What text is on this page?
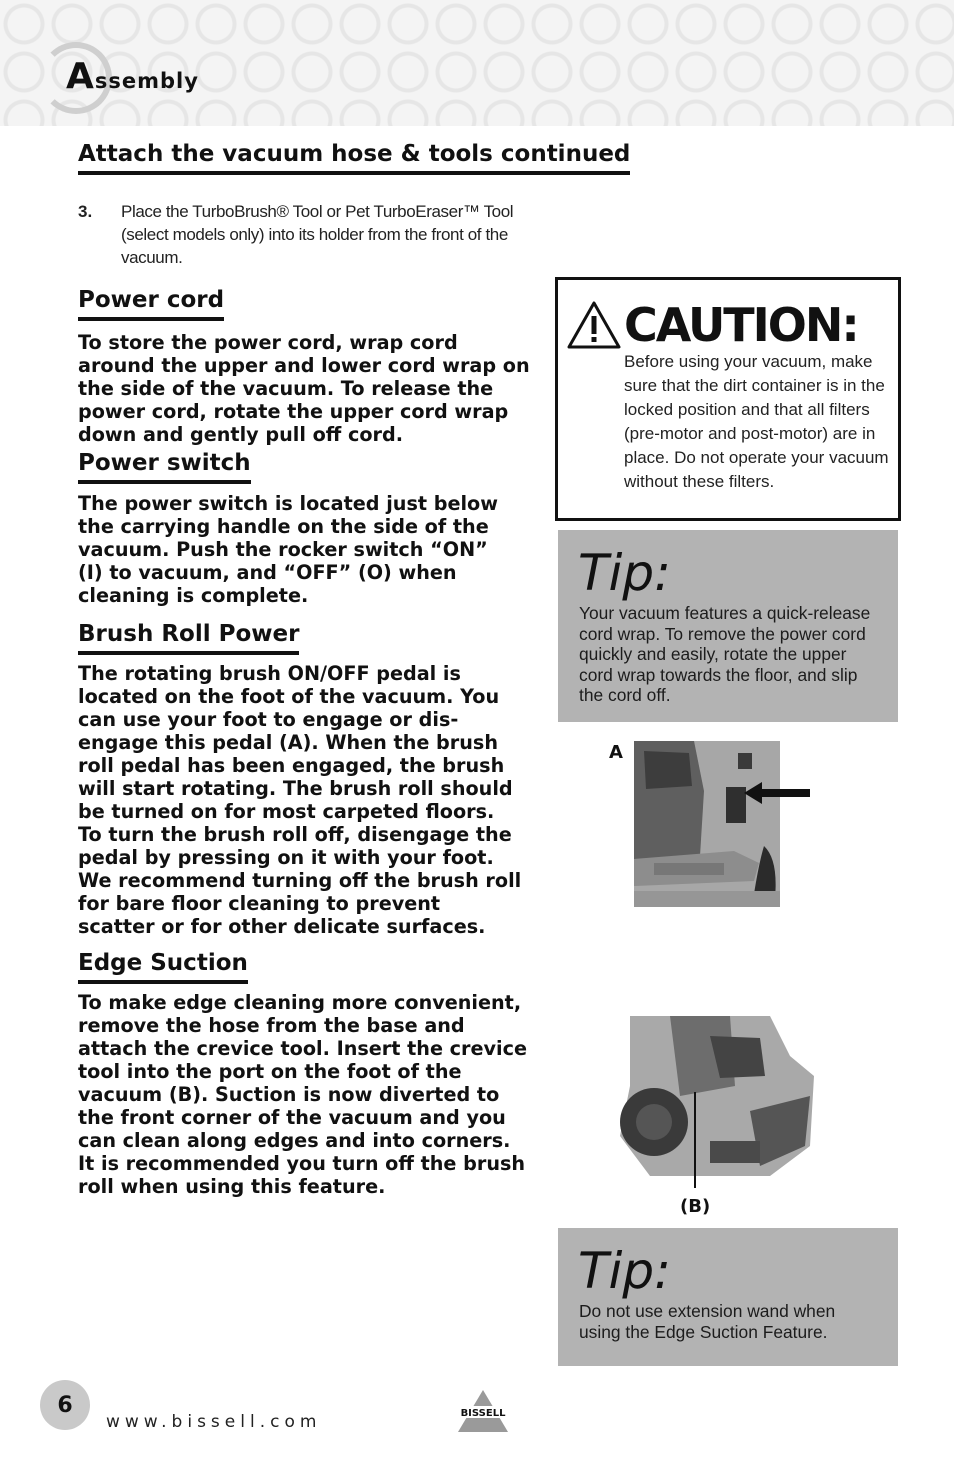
Assembly
Attach the vacuum hose & tools continued
3. Place the TurboBrush® Tool or Pet TurboEraser™ Tool (select models only) into its holder from the front of the vacuum.
Power cord

To store the power cord, wrap cord around the upper and lower cord wrap on the side of the vacuum. To release the power cord, rotate the upper cord wrap down and gently pull off cord.

Power switch

The power switch is located just below the carrying handle on the side of the vacuum. Push the rocker switch “ON” (I) to vacuum, and “OFF” (O) when cleaning is complete.

Brush Roll Power

The rotating brush ON/OFF pedal is located on the foot of the vacuum. You can use your foot to engage or disengage this pedal (A). When the brush roll pedal has been engaged, the brush will start rotating. The brush roll should be turned on for most carpeted floors. To turn the brush roll off, disengage the pedal by pressing on it with your foot. We recommend turning off the brush roll for bare floor cleaning to prevent scatter or for other delicate surfaces.

Edge Suction

To make edge cleaning more convenient, remove the hose from the base and attach the crevice tool. Insert the crevice tool into the port on the foot of the vacuum (B). Suction is now diverted to the front corner of the vacuum and you can clean along edges and into corners. It is recommended you turn off the brush roll when using this feature.

CAUTION:
Before using your vacuum, make sure that the dirt container is in the locked position and that all filters (pre-motor and post-motor) are in place. Do not operate your vacuum without these filters.
Tip:
Your vacuum features a quick-release cord wrap. To remove the power cord quickly and easily, rotate the upper cord wrap towards the floor, and slip the cord off.
A
(B)
Tip:
Do not use extension wand when using the Edge Suction Feature.
6
www.bissell.com	BISSELL
